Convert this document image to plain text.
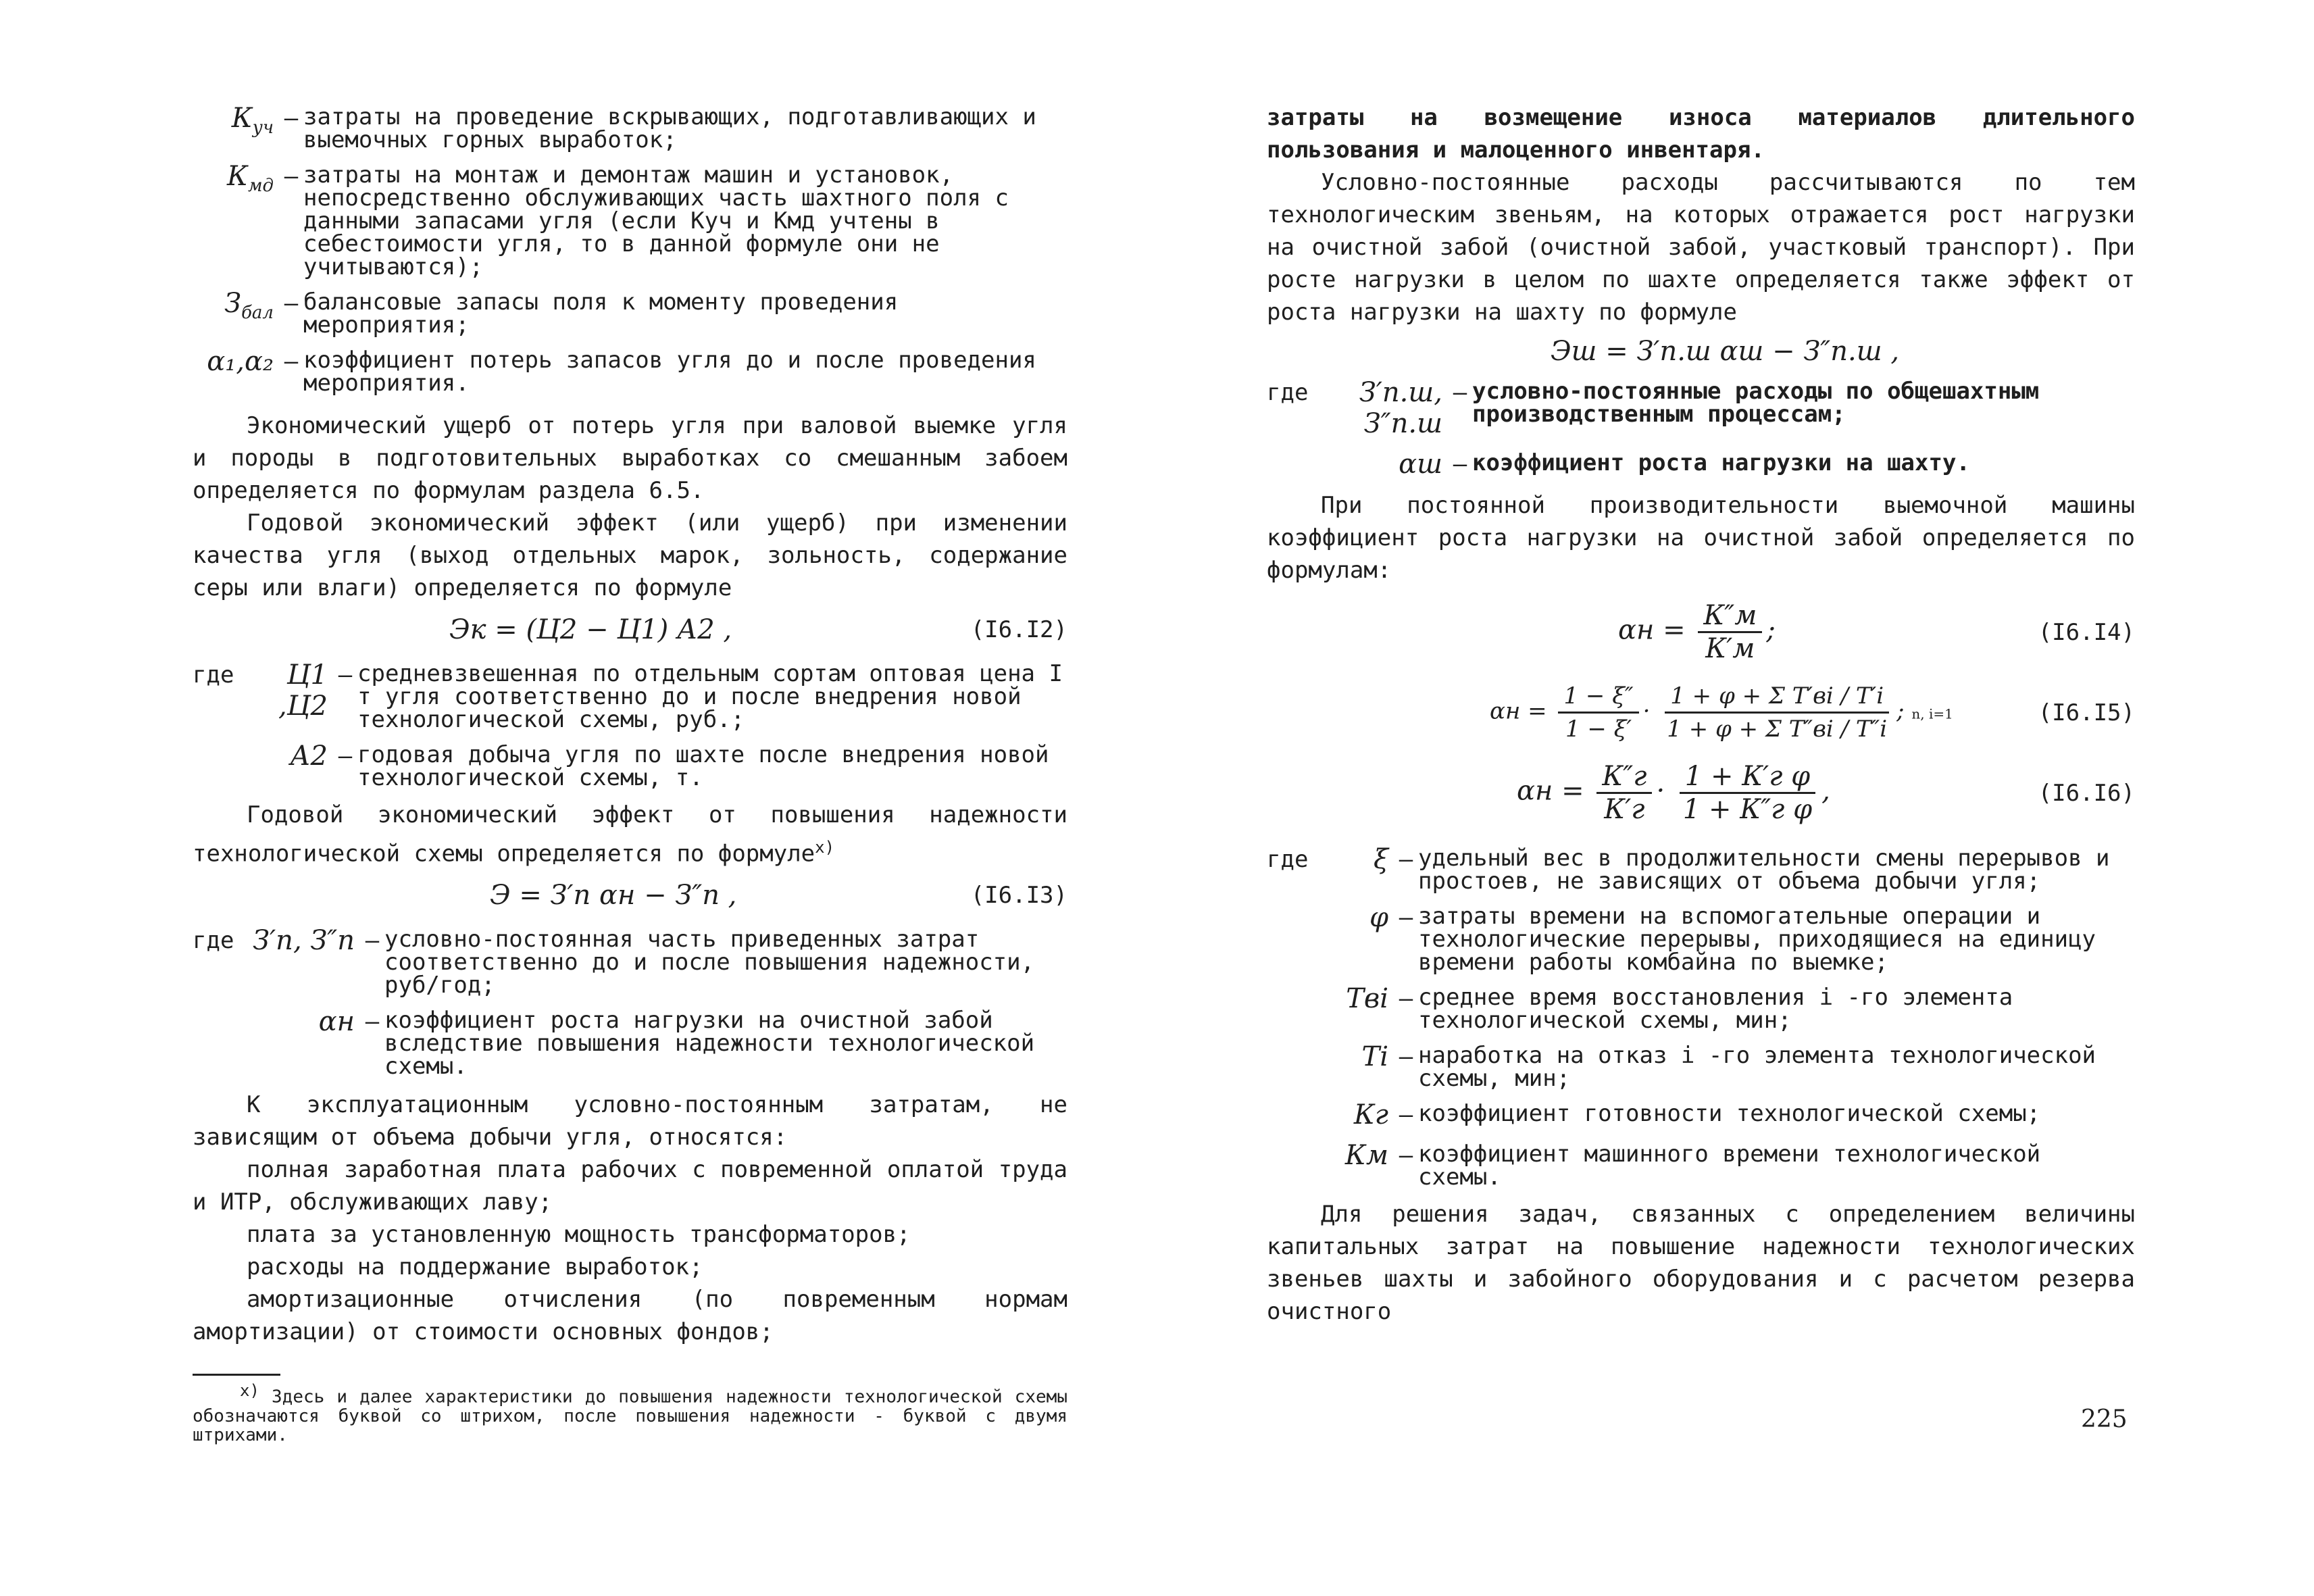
$К_{уч}$ – затраты на проведение вскрывающих, подготавливающих и выемочных горных выработок;
$К_{мд}$ – затраты на монтаж и демонтаж машин и установок, непосредственно обслуживающих часть шахтного поля с данными запасами угля (если Куч и Кмд учтены в себестоимости угля, то в данной формуле они не учитываются);
$З_{бал}$ – балансовые запасы поля к моменту проведения мероприятия;
α₁,α₂ – коэффициент потерь запасов угля до и после проведения мероприятия.

Экономический ущерб от потерь угля при валовой выемке угля и породы в подготовительных выработках со смешанным забоем определяется по формулам раздела 6.5.

Годовой экономический эффект (или ущерб) при изменении качества угля (выход отдельных марок, зольность, содержание серы или влаги) определяется по формуле

Эк = (Ц2 − Ц1) А2 ,	(I6.I2)
где	Ц1 ,Ц2
– средневзвешенная по отдельным сортам оптовая цена I т угля соответственно до и после внедрения новой технологической схемы, руб.;
А2 – годовая добыча угля по шахте после внедрения новой технологической схемы, т.

Годовой экономический эффект от повышения надежности технологической схемы определяется по формуле$^{x)}$

Э = З′п αн − З″п ,	(I6.I3)
где З′п, З″п – условно-постоянная часть приведенных затрат соответственно до и после повышения надежности, руб/год;
αн – коэффициент роста нагрузки на очистной забой вследствие повышения надежности технологической схемы.

К эксплуатационным условно-постоянным затратам, не зависящим от объема добычи угля, относятся:

полная заработная плата рабочих с повременной оплатой труда и ИТР, обслуживающих лаву;

плата за установленную мощность трансформаторов;

расходы на поддержание выработок;

амортизационные отчисления (по повременным нормам амортизации) от стоимости основных фондов;

x) Здесь и далее характеристики до повышения надежности технологической схемы обозначаются буквой со штрихом, после повышения надежности - буквой с двумя штрихами.

затраты на возмещение износа материалов длительного пользования и малоценного инвентаря.

Условно-постоянные расходы рассчитываются по тем технологическим звеньям, на которых отражается рост нагрузки на очистной забой (очистной забой, участковый транспорт). При росте нагрузки в целом по шахте определяется также эффект от роста нагрузки на шахту по формуле

Эш = З′п.ш αш − З″п.ш ,
где	З′п.ш, З″п.ш
– условно-постоянные расходы по общешахтным производственным процессам;
αш – коэффициент роста нагрузки на шахту.

При постоянной производительности выемочной машины коэффициент роста нагрузки на очистной забой определяется по формулам:

$\alpha н = \frac{К''м}{К'м}$ ;	(I6.I4)
$\alpha н = \frac{1 - \xi''}{1 - \xi'} \cdot \frac{\text{1 + φ + Σ T′вi / T′i}}{\text{1 + φ + Σ T″вi / T″i}}$ ; n, i=1	(I6.I5)
$\alpha н = \frac{К''г}{К'г} \cdot \frac{\text{1 + К′г φ}}{\text{1 + К″г φ}}$ ,	(I6.I6)
где	ξ – удельный вес в продолжительности смены перерывов и простоев, не зависящих от объема добычи угля;
φ – затраты времени на вспомогательные операции и технологические перерывы, приходящиеся на единицу времени работы комбайна по выемке;
Твi – среднее время восстановления i -го элемента технологической схемы, мин;
Тi – наработка на отказ i -го элемента технологической схемы, мин;
Кг – коэффициент готовности технологической схемы;
Км – коэффициент машинного времени технологической схемы.

Для решения задач, связанных с определением величины капитальных затрат на повышение надежности технологических звеньев шахты и забойного оборудования и с расчетом резерва очистного

225
